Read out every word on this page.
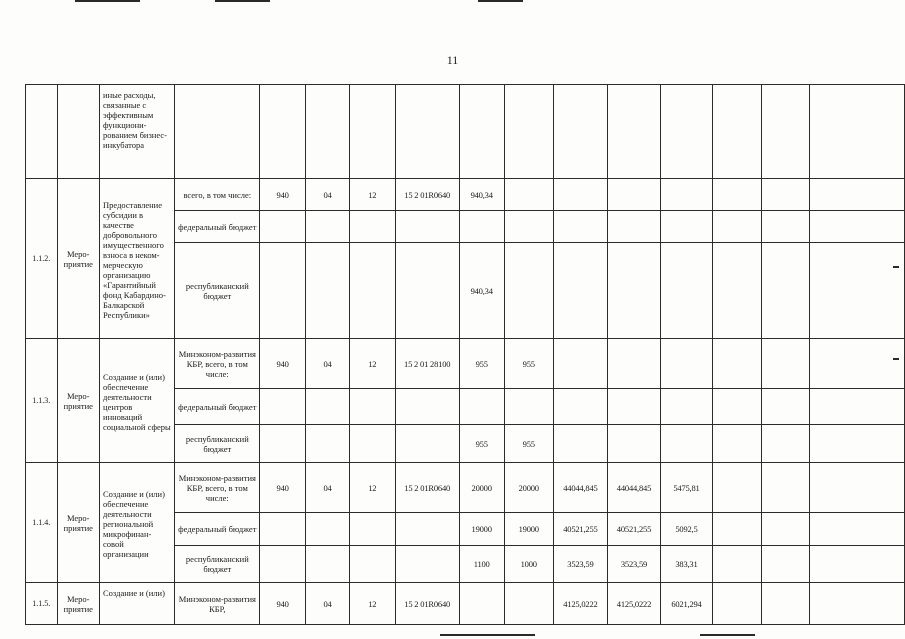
11
		иные расходы, связанные с эффективным функциони-рованием бизнес-инкубатора													
1.1.2.	Меро-приятие	Предоставление субсидии в качестве добровольного имущественного взноса в неком-мерческую организацию «Гарантийный фонд Кабардино-Балкарской Республики»	всего, в том числе:	940	04	12	15 2 01R0640	940,34							
			федеральный бюджет												
			республиканский бюджет					940,34							
1.1.3.	Меро-приятие	Создание и (или) обеспечение деятельности центров инноваций социальной сферы	Минэконом-развития КБР, всего, в том числе:	940	04	12	15 2 01 28100	955	955						
			федеральный бюджет												
			республиканский бюджет					955	955						
1.1.4.	Меро-приятие	Создание и (или) обеспечение деятельности региональной микрофинан-совой организации	Минэконом-развития КБР, всего, в том числе:	940	04	12	15 2 01R0640	20000	20000	44044,845	44044,845	5475,81			
			федеральный бюджет					19000	19000	40521,255	40521,255	5092,5			
			республиканский бюджет					1100	1000	3523,59	3523,59	383,31			
1.1.5.	Меро-приятие	Создание и (или)	Минэконом-развития КБР,	940	04	12	15 2 01R0640			4125,0222	4125,0222	6021,294			
